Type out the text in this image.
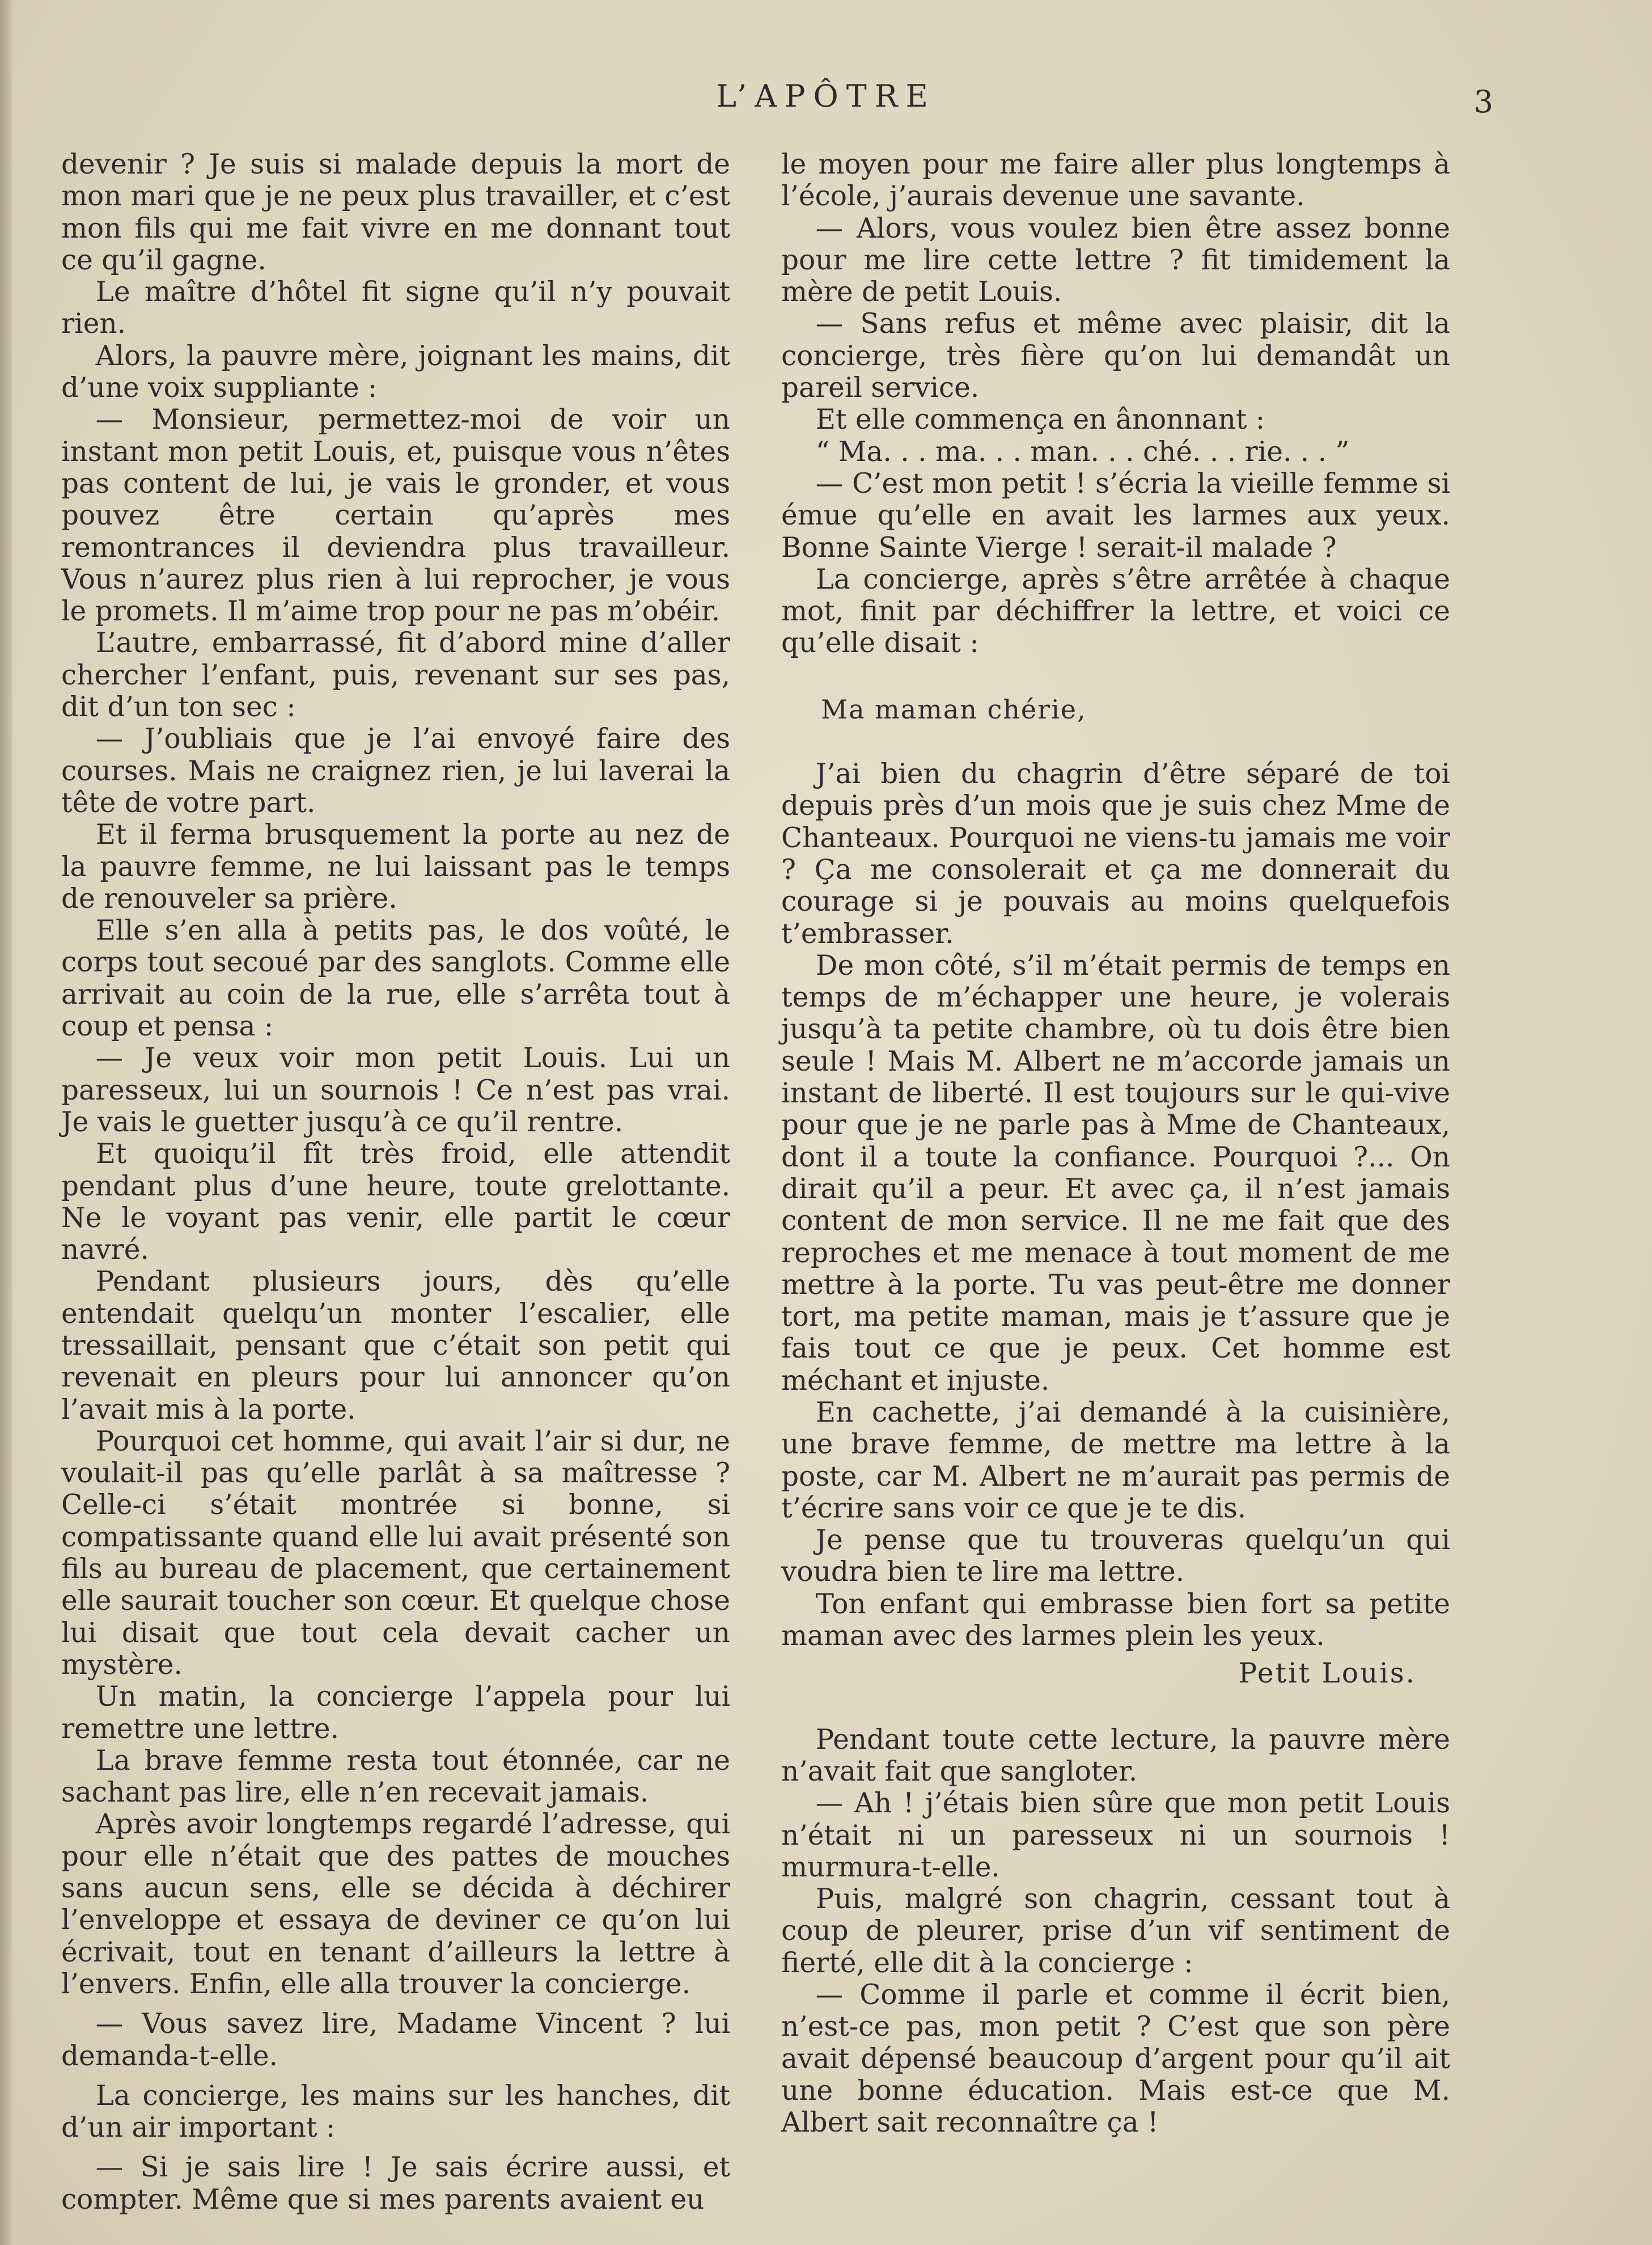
L’APÔTRE	3

devenir ? Je suis si malade depuis la mort de mon mari que je ne peux plus travailler, et c’est mon fils qui me fait vivre en me donnant tout ce qu’il gagne.

Le maître d’hôtel fit signe qu’il n’y pouvait rien.

Alors, la pauvre mère, joignant les mains, dit d’une voix suppliante :

— Monsieur, permettez-moi de voir un instant mon petit Louis, et, puisque vous n’êtes pas content de lui, je vais le gronder, et vous pouvez être certain qu’après mes remontrances il deviendra plus travailleur. Vous n’aurez plus rien à lui reprocher, je vous le promets. Il m’aime trop pour ne pas m’obéir.

L’autre, embarrassé, fit d’abord mine d’aller chercher l’enfant, puis, revenant sur ses pas, dit d’un ton sec :

— J’oubliais que je l’ai envoyé faire des courses. Mais ne craignez rien, je lui laverai la tête de votre part.

Et il ferma brusquement la porte au nez de la pauvre femme, ne lui laissant pas le temps de renouveler sa prière.

Elle s’en alla à petits pas, le dos voûté, le corps tout secoué par des sanglots. Comme elle arrivait au coin de la rue, elle s’arrêta tout à coup et pensa :

— Je veux voir mon petit Louis. Lui un paresseux, lui un sournois ! Ce n’est pas vrai. Je vais le guetter jusqu’à ce qu’il rentre.

Et quoiqu’il fît très froid, elle attendit pendant plus d’une heure, toute grelottante. Ne le voyant pas venir, elle partit le cœur navré.

Pendant plusieurs jours, dès qu’elle entendait quelqu’un monter l’escalier, elle tressaillait, pensant que c’était son petit qui revenait en pleurs pour lui annoncer qu’on l’avait mis à la porte.

Pourquoi cet homme, qui avait l’air si dur, ne voulait-il pas qu’elle parlât à sa maîtresse ? Celle-ci s’était montrée si bonne, si compatissante quand elle lui avait présenté son fils au bureau de placement, que certainement elle saurait toucher son cœur. Et quelque chose lui disait que tout cela devait cacher un mystère.

Un matin, la concierge l’appela pour lui remettre une lettre.

La brave femme resta tout étonnée, car ne sachant pas lire, elle n’en recevait jamais.

Après avoir longtemps regardé l’adresse, qui pour elle n’était que des pattes de mouches sans aucun sens, elle se décida à déchirer l’enveloppe et essaya de deviner ce qu’on lui écrivait, tout en tenant d’ailleurs la lettre à l’envers. Enfin, elle alla trouver la concierge.

— Vous savez lire, Madame Vincent ? lui demanda-t-elle.

La concierge, les mains sur les hanches, dit d’un air important :

— Si je sais lire ! Je sais écrire aussi, et compter. Même que si mes parents avaient eu

le moyen pour me faire aller plus longtemps à l’école, j’aurais devenue une savante.

— Alors, vous voulez bien être assez bonne pour me lire cette lettre ? fit timidement la mère de petit Louis.

— Sans refus et même avec plaisir, dit la concierge, très fière qu’on lui demandât un pareil service.

Et elle commença en ânonnant :

“ Ma. . . ma. . . man. . . ché. . . rie. . . ”

— C’est mon petit ! s’écria la vieille femme si émue qu’elle en avait les larmes aux yeux. Bonne Sainte Vierge ! serait-il malade ?

La concierge, après s’être arrêtée à chaque mot, finit par déchiffrer la lettre, et voici ce qu’elle disait :

Ma maman chérie,

J’ai bien du chagrin d’être séparé de toi depuis près d’un mois que je suis chez Mme de Chanteaux. Pourquoi ne viens-tu jamais me voir ? Ça me consolerait et ça me donnerait du courage si je pouvais au moins quelquefois t’embrasser.

De mon côté, s’il m’était permis de temps en temps de m’échapper une heure, je volerais jusqu’à ta petite chambre, où tu dois être bien seule ! Mais M. Albert ne m’accorde jamais un instant de liberté. Il est toujours sur le qui-vive pour que je ne parle pas à Mme de Chanteaux, dont il a toute la confiance. Pourquoi ?... On dirait qu’il a peur. Et avec ça, il n’est jamais content de mon service. Il ne me fait que des reproches et me menace à tout moment de me mettre à la porte. Tu vas peut-être me donner tort, ma petite maman, mais je t’assure que je fais tout ce que je peux. Cet homme est méchant et injuste.

En cachette, j’ai demandé à la cuisinière, une brave femme, de mettre ma lettre à la poste, car M. Albert ne m’aurait pas permis de t’écrire sans voir ce que je te dis.

Je pense que tu trouveras quelqu’un qui voudra bien te lire ma lettre.

Ton enfant qui embrasse bien fort sa petite maman avec des larmes plein les yeux.

Petit Louis.

Pendant toute cette lecture, la pauvre mère n’avait fait que sangloter.

— Ah ! j’étais bien sûre que mon petit Louis n’était ni un paresseux ni un sournois ! murmura-t-elle.

Puis, malgré son chagrin, cessant tout à coup de pleurer, prise d’un vif sentiment de fierté, elle dit à la concierge :

— Comme il parle et comme il écrit bien, n’est-ce pas, mon petit ? C’est que son père avait dépensé beaucoup d’argent pour qu’il ait une bonne éducation. Mais est-ce que M. Albert sait reconnaître ça !
